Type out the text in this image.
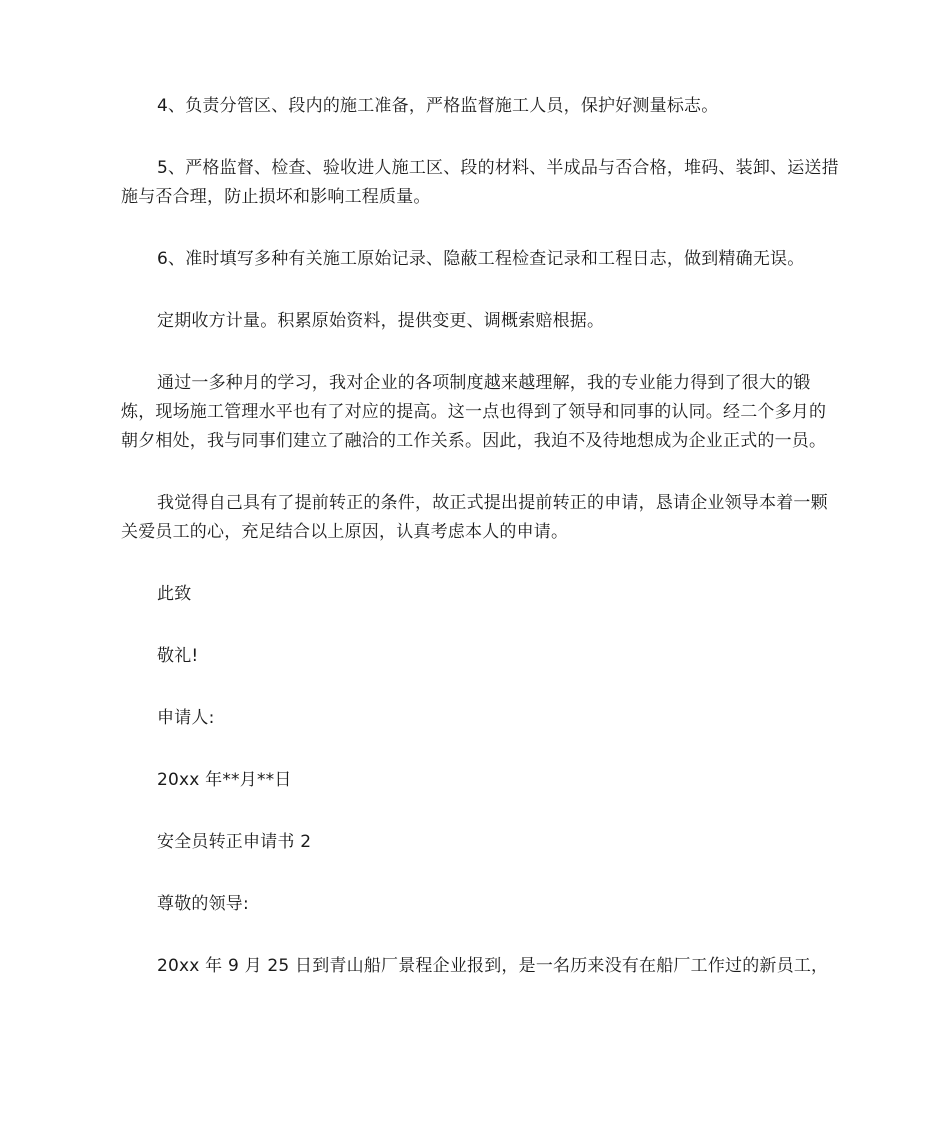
4、负责分管区、段内的施工准备，严格监督施工人员，保护好测量标志。

5、严格监督、检查、验收进人施工区、段的材料、半成品与否合格，堆码、装卸、运送措施与否合理，防止损坏和影响工程质量。

6、准时填写多种有关施工原始记录、隐蔽工程检查记录和工程日志，做到精确无误。

定期收方计量。积累原始资料，提供变更、调概索赔根据。

通过一多种月的学习，我对企业的各项制度越来越理解，我的专业能力得到了很大的锻炼，现场施工管理水平也有了对应的提高。这一点也得到了领导和同事的认同。经二个多月的朝夕相处，我与同事们建立了融洽的工作关系。因此，我迫不及待地想成为企业正式的一员。

我觉得自己具有了提前转正的条件，故正式提出提前转正的申请，恳请企业领导本着一颗关爱员工的心，充足结合以上原因，认真考虑本人的申请。

此致

敬礼!

申请人:

20xx 年**月**日

安全员转正申请书 2

尊敬的领导:

20xx 年 9 月 25 日到青山船厂景程企业报到，是一名历来没有在船厂工作过的新员工，
